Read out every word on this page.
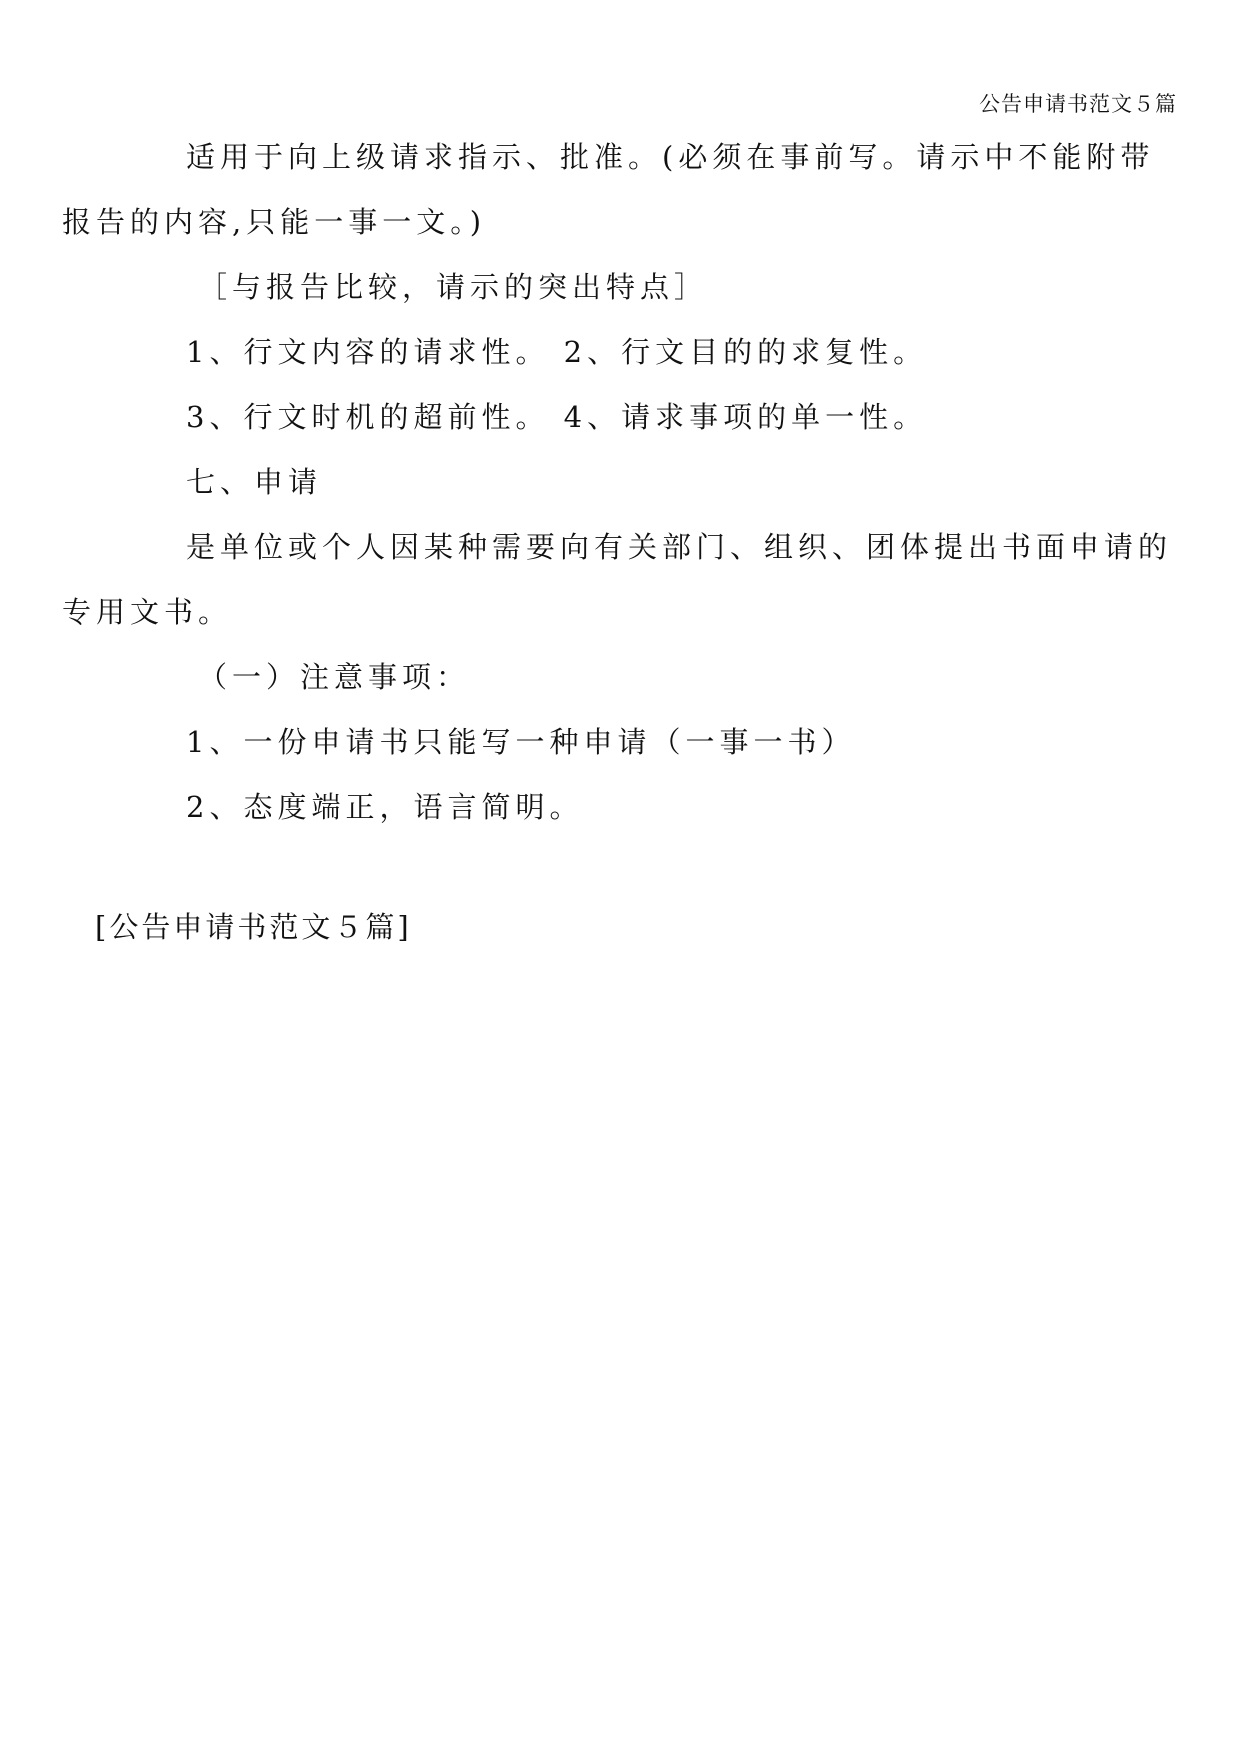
公告申请书范文５篇

适用于向上级请求指示、批准。(必须在事前写。请示中不能附带报告的内容,只能一事一文。)

［与报告比较，请示的突出特点］

1、行文内容的请求性。 2、行文目的的求复性。

3、行文时机的超前性。 4、请求事项的单一性。

七、申请

是单位或个人因某种需要向有关部门、组织、团体提出书面申请的专用文书。

（一）注意事项：

1、一份申请书只能写一种申请（一事一书）

2、态度端正，语言简明。

[公告申请书范文５篇]
